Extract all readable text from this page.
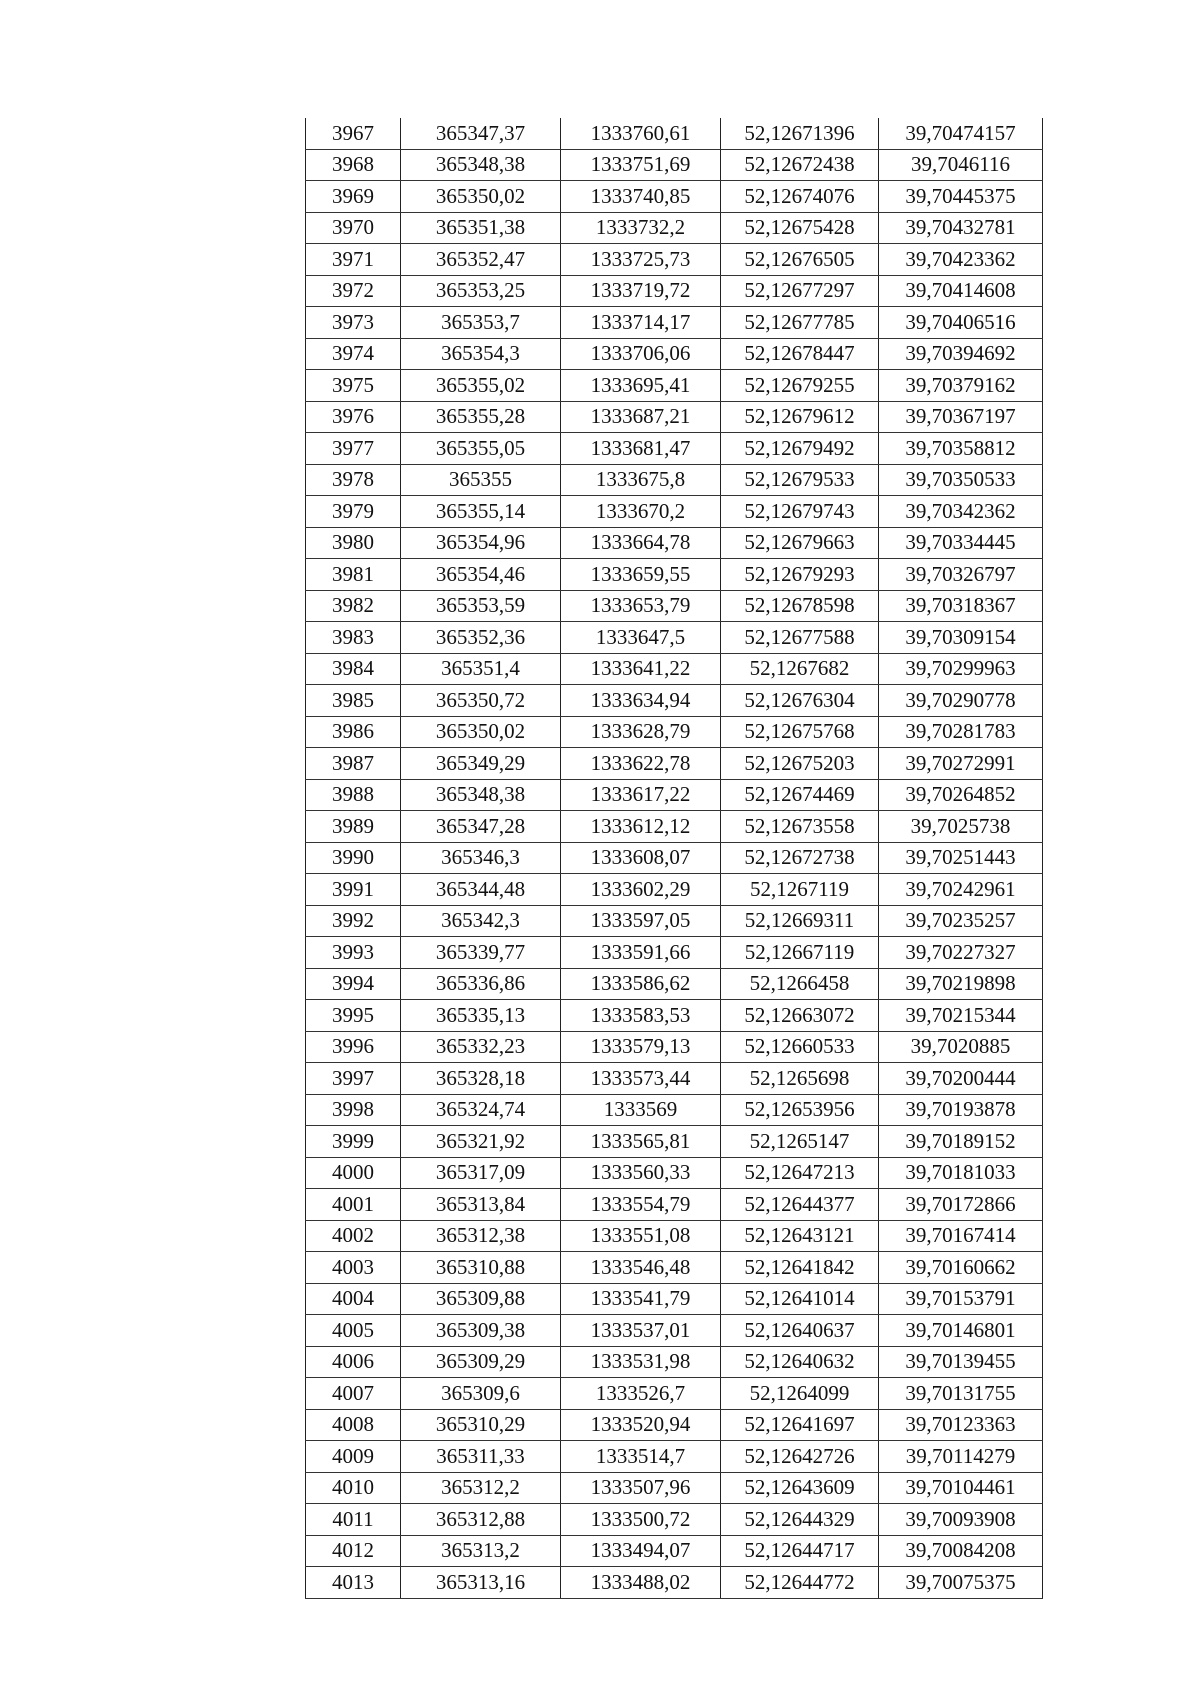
3967	365347,37	1333760,61	52,12671396	39,70474157
3968	365348,38	1333751,69	52,12672438	39,7046116
3969	365350,02	1333740,85	52,12674076	39,70445375
3970	365351,38	1333732,2	52,12675428	39,70432781
3971	365352,47	1333725,73	52,12676505	39,70423362
3972	365353,25	1333719,72	52,12677297	39,70414608
3973	365353,7	1333714,17	52,12677785	39,70406516
3974	365354,3	1333706,06	52,12678447	39,70394692
3975	365355,02	1333695,41	52,12679255	39,70379162
3976	365355,28	1333687,21	52,12679612	39,70367197
3977	365355,05	1333681,47	52,12679492	39,70358812
3978	365355	1333675,8	52,12679533	39,70350533
3979	365355,14	1333670,2	52,12679743	39,70342362
3980	365354,96	1333664,78	52,12679663	39,70334445
3981	365354,46	1333659,55	52,12679293	39,70326797
3982	365353,59	1333653,79	52,12678598	39,70318367
3983	365352,36	1333647,5	52,12677588	39,70309154
3984	365351,4	1333641,22	52,1267682	39,70299963
3985	365350,72	1333634,94	52,12676304	39,70290778
3986	365350,02	1333628,79	52,12675768	39,70281783
3987	365349,29	1333622,78	52,12675203	39,70272991
3988	365348,38	1333617,22	52,12674469	39,70264852
3989	365347,28	1333612,12	52,12673558	39,7025738
3990	365346,3	1333608,07	52,12672738	39,70251443
3991	365344,48	1333602,29	52,1267119	39,70242961
3992	365342,3	1333597,05	52,12669311	39,70235257
3993	365339,77	1333591,66	52,12667119	39,70227327
3994	365336,86	1333586,62	52,1266458	39,70219898
3995	365335,13	1333583,53	52,12663072	39,70215344
3996	365332,23	1333579,13	52,12660533	39,7020885
3997	365328,18	1333573,44	52,1265698	39,70200444
3998	365324,74	1333569	52,12653956	39,70193878
3999	365321,92	1333565,81	52,1265147	39,70189152
4000	365317,09	1333560,33	52,12647213	39,70181033
4001	365313,84	1333554,79	52,12644377	39,70172866
4002	365312,38	1333551,08	52,12643121	39,70167414
4003	365310,88	1333546,48	52,12641842	39,70160662
4004	365309,88	1333541,79	52,12641014	39,70153791
4005	365309,38	1333537,01	52,12640637	39,70146801
4006	365309,29	1333531,98	52,12640632	39,70139455
4007	365309,6	1333526,7	52,1264099	39,70131755
4008	365310,29	1333520,94	52,12641697	39,70123363
4009	365311,33	1333514,7	52,12642726	39,70114279
4010	365312,2	1333507,96	52,12643609	39,70104461
4011	365312,88	1333500,72	52,12644329	39,70093908
4012	365313,2	1333494,07	52,12644717	39,70084208
4013	365313,16	1333488,02	52,12644772	39,70075375
